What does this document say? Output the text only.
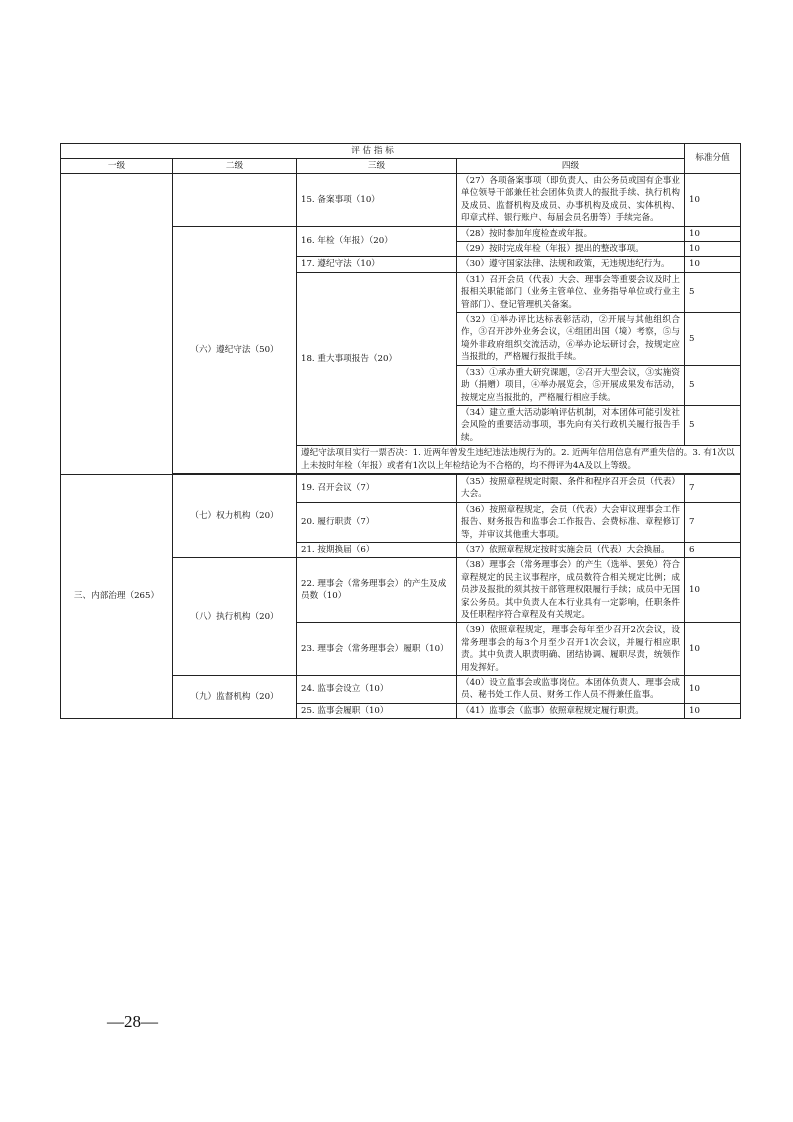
评 估 指 标				标准分值
一级	二级	三级	四级	
		15. 备案事项（10）	（27）各项备案事项（即负责人、由公务员或国有企事业单位领导干部兼任社会团体负责人的报批手续、执行机构及成员、监督机构及成员、办事机构及成员、实体机构、印章式样、银行账户、每届会员名册等）手续完备。	10
	（六）遵纪守法（50）	16. 年检（年报）（20）	（28）按时参加年度检查或年报。	10
			（29）按时完成年检（年报）提出的整改事项。	10
		17. 遵纪守法（10）	（30）遵守国家法律、法规和政策，无违规违纪行为。	10
		18. 重大事项报告（20）	（31）召开会员（代表）大会、理事会等重要会议及时上报相关职能部门（业务主管单位、业务指导单位或行业主管部门）、登记管理机关备案。	5
			（32）①举办评比达标表彰活动，②开展与其他组织合作，③召开涉外业务会议，④组团出国（境）考察，⑤与境外非政府组织交流活动，⑥举办论坛研讨会，按规定应当报批的，严格履行报批手续。	5
			（33）①承办重大研究课题，②召开大型会议，③实施资助（捐赠）项目，④举办展览会，⑤开展成果发布活动，按规定应当报批的，严格履行相应手续。	5
			（34）建立重大活动影响评估机制，对本团体可能引发社会风险的重要活动事项，事先向有关行政机关履行报告手续。	5
		遵纪守法项目实行一票否决：1. 近两年曾发生违纪违法违规行为的。2. 近两年信用信息有严重失信的。3. 有1次以上未按时年检（年报）或者有1次以上年检结论为不合格的，均不得评为4A及以上等级。		

三、内部治理（265）	（七）权力机构（20）	19. 召开会议（7）	（35）按照章程规定时限、条件和程序召开会员（代表）大会。	7
		20. 履行职责（7）	（36）按照章程规定，会员（代表）大会审议理事会工作报告、财务报告和监事会工作报告、会费标准、章程修订等，并审议其他重大事项。	7
		21. 按期换届（6）	（37）依照章程规定按时实施会员（代表）大会换届。	6
	（八）执行机构（20）	22. 理事会（常务理事会）的产生及成员数（10）	（38）理事会（常务理事会）的产生（选举、罢免）符合章程规定的民主议事程序，成员数符合相关规定比例；成员涉及报批的须其按干部管理权限履行手续；成员中无国家公务员。其中负责人在本行业具有一定影响，任职条件及任职程序符合章程及有关规定。	10
		23. 理事会（常务理事会）履职（10）	（39）依照章程规定，理事会每年至少召开2次会议，设常务理事会的每3个月至少召开1次会议，并履行相应职责。其中负责人职责明确、团结协调、履职尽责，统领作用发挥好。	10
	（九）监督机构（20）	24. 监事会设立（10）	（40）设立监事会或监事岗位。本团体负责人、理事会成员、秘书处工作人员、财务工作人员不得兼任监事。	10
		25. 监事会履职（10）	（41）监事会（监事）依照章程规定履行职责。	10
—28—
